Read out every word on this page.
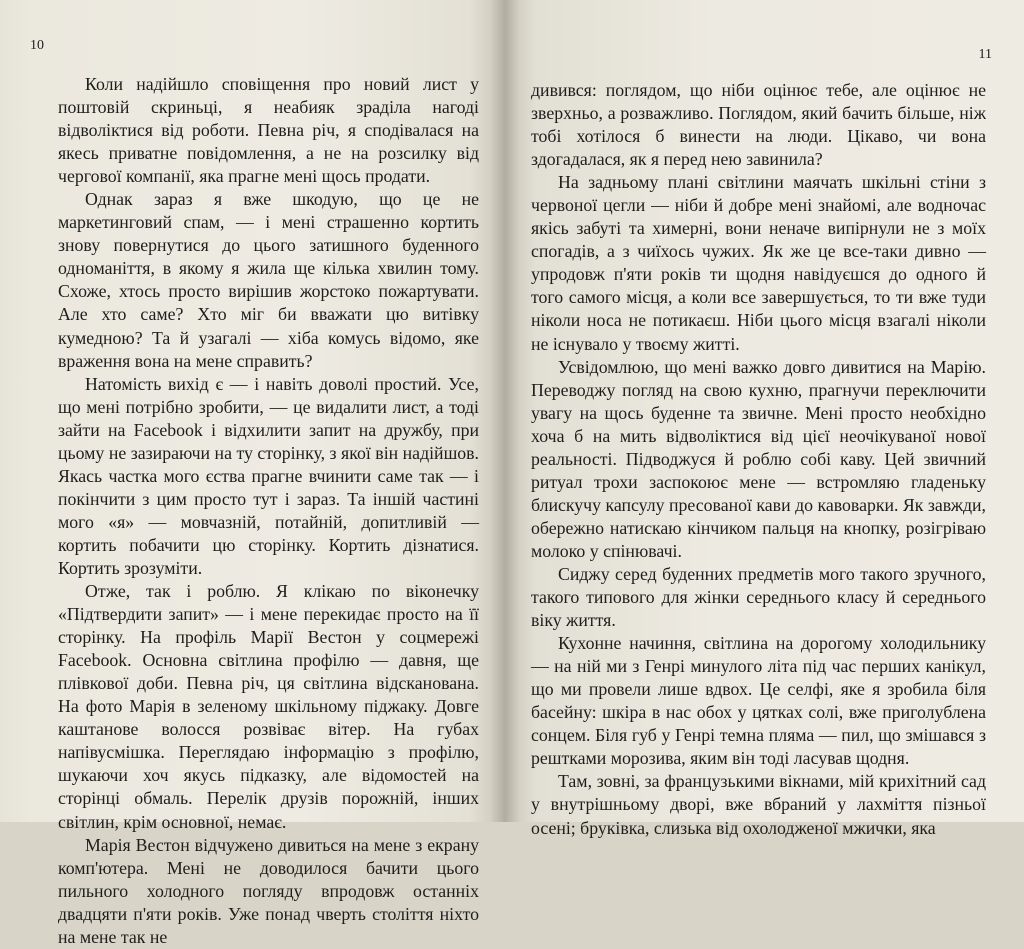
10

Коли надійшло сповіщення про новий лист у поштовій скриньці, я неабияк зраділа нагоді відволіктися від роботи. Певна річ, я сподівалася на якесь приватне повідомлення, а не на розсилку від чергової компанії, яка прагне мені щось продати.

Однак зараз я вже шкодую, що це не маркетинговий спам, — і мені страшенно кортить знову повернутися до цього затишного буденного одноманіття, в якому я жила ще кілька хвилин тому. Схоже, хтось просто вирішив жорстоко пожартувати. Але хто саме? Хто міг би вважати цю витівку кумедною? Та й узагалі — хіба комусь відомо, яке враження вона на мене справить?

Натомість вихід є — і навіть доволі простий. Усе, що мені потрібно зробити, — це видалити лист, а тоді зайти на Facebook і відхилити запит на дружбу, при цьому не зазираючи на ту сторінку, з якої він надійшов. Якась частка мого єства прагне вчинити саме так — і покінчити з цим просто тут і зараз. Та іншій частині мого «я» — мовчазній, потайній, допитливій — кортить побачити цю сторінку. Кортить дізнатися. Кортить зрозуміти.

Отже, так і роблю. Я клікаю по віконечку «Підтвердити запит» — і мене перекидає просто на її сторінку. На профіль Марії Вестон у соцмережі Facebook. Основна світлина профілю — давня, ще плівкової доби. Певна річ, ця світлина відсканована. На фото Марія в зеленому шкільному піджаку. Довге каштанове волосся розвіває вітер. На губах напівусмішка. Переглядаю інформацію з профілю, шукаючи хоч якусь підказку, але відомостей на сторінці обмаль. Перелік друзів порожній, інших світлин, крім основної, немає.

Марія Вестон відчужено дивиться на мене з екрану комп'ютера. Мені не доводилося бачити цього пильного холодного погляду впродовж останніх двадцяти п'яти років. Уже понад чверть століття ніхто на мене так не

11

дивився: поглядом, що ніби оцінює тебе, але оцінює не зверхньо, а розважливо. Поглядом, який бачить більше, ніж тобі хотілося б винести на люди. Цікаво, чи вона здогадалася, як я перед нею завинила?

На задньому плані світлини маячать шкільні стіни з червоної цегли — ніби й добре мені знайомі, але водночас якісь забуті та химерні, вони неначе випірнули не з моїх спогадів, а з чиїхось чужих. Як же це все-таки дивно — упродовж п'яти років ти щодня навідуєшся до одного й того самого місця, а коли все завершується, то ти вже туди ніколи носа не потикаєш. Ніби цього місця взагалі ніколи не існувало у твоєму житті.

Усвідомлюю, що мені важко довго дивитися на Марію. Переводжу погляд на свою кухню, прагнучи переключити увагу на щось буденне та звичне. Мені просто необхідно хоча б на мить відволіктися від цієї неочікуваної нової реальності. Підводжуся й роблю собі каву. Цей звичний ритуал трохи заспокоює мене — встромляю гладеньку блискучу капсулу пресованої кави до кавоварки. Як завжди, обережно натискаю кінчиком пальця на кнопку, розігріваю молоко у спінювачі.

Сиджу серед буденних предметів мого такого зручного, такого типового для жінки середнього класу й середнього віку життя.

Кухонне начиння, світлина на дорогому холодильнику — на ній ми з Генрі минулого літа під час перших канікул, що ми провели лише вдвох. Це селфі, яке я зробила біля басейну: шкіра в нас обох у цятках солі, вже приголублена сонцем. Біля губ у Генрі темна пляма — пил, що змішався з рештками морозива, яким він тоді ласував щодня.

Там, зовні, за французькими вікнами, мій крихітний сад у внутрішньому дворі, вже вбраний у лахміття пізньої осені; бруківка, слизька від охолодженої мжички, яка
